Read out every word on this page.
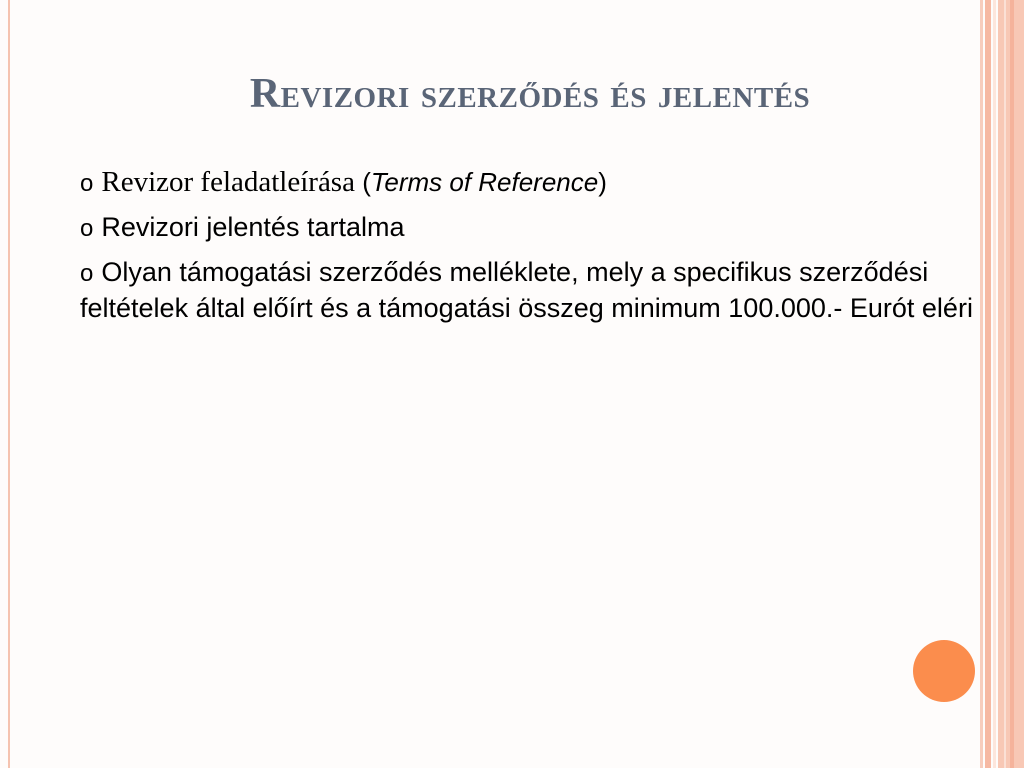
Revizori szerződés és jelentés
o Revizor feladatleírása (Terms of Reference)
o Revizori jelentés tartalma
o Olyan támogatási szerződés melléklete, mely a specifikus szerződési feltételek által előírt és a támogatási összeg minimum 100.000.- Eurót eléri
